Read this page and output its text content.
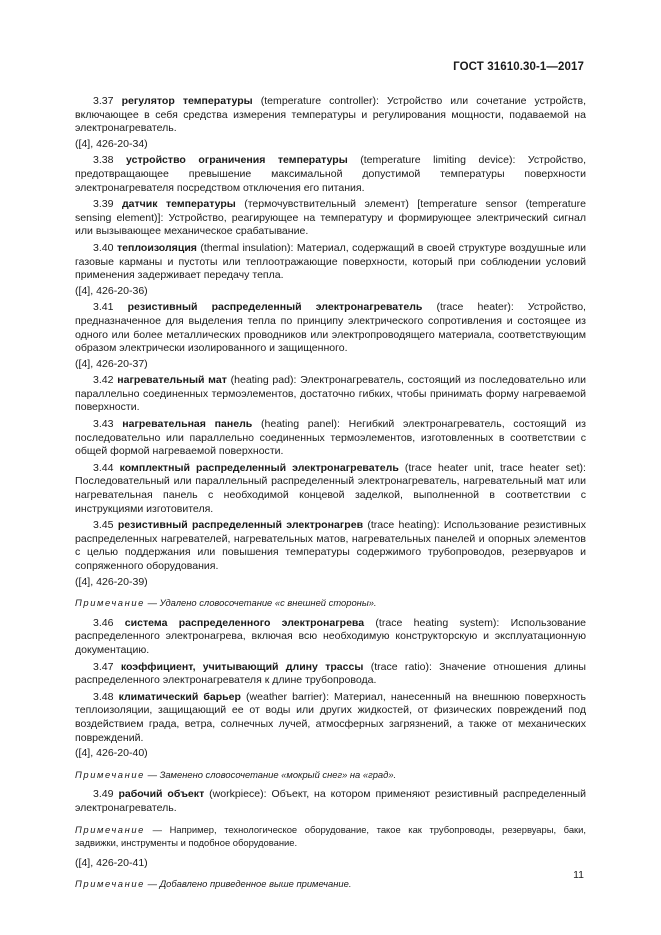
ГОСТ 31610.30-1—2017

3.37 регулятор температуры (temperature controller): Устройство или сочетание устройств, включающее в себя средства измерения температуры и регулирования мощности, подаваемой на электронагреватель.

([4], 426-20-34)

3.38 устройство ограничения температуры (temperature limiting device): Устройство, предотвращающее превышение максимальной допустимой температуры поверхности электронагревателя посредством отключения его питания.

3.39 датчик температуры (термочувствительный элемент) [temperature sensor (temperature sensing element)]: Устройство, реагирующее на температуру и формирующее электрический сигнал или вызывающее механическое срабатывание.

3.40 теплоизоляция (thermal insulation): Материал, содержащий в своей структуре воздушные или газовые карманы и пустоты или теплоотражающие поверхности, который при соблюдении условий применения задерживает передачу тепла.

([4], 426-20-36)

3.41 резистивный распределенный электронагреватель (trace heater): Устройство, предназначенное для выделения тепла по принципу электрического сопротивления и состоящее из одного или более металлических проводников или электропроводящего материала, соответствующим образом электрически изолированного и защищенного.

([4], 426-20-37)

3.42 нагревательный мат (heating pad): Электронагреватель, состоящий из последовательно или параллельно соединенных термоэлементов, достаточно гибких, чтобы принимать форму нагреваемой поверхности.

3.43 нагревательная панель (heating panel): Негибкий электронагреватель, состоящий из последовательно или параллельно соединенных термоэлементов, изготовленных в соответствии с общей формой нагреваемой поверхности.

3.44 комплектный распределенный электронагреватель (trace heater unit, trace heater set): Последовательный или параллельный распределенный электронагреватель, нагревательный мат или нагревательная панель с необходимой концевой заделкой, выполненной в соответствии с инструкциями изготовителя.

3.45 резистивный распределенный электронагрев (trace heating): Использование резистивных распределенных нагревателей, нагревательных матов, нагревательных панелей и опорных элементов с целью поддержания или повышения температуры содержимого трубопроводов, резервуаров и сопряженного оборудования.

([4], 426-20-39)

Примечание — Удалено словосочетание «с внешней стороны».

3.46 система распределенного электронагрева (trace heating system): Использование распределенного электронагрева, включая всю необходимую конструкторскую и эксплуатационную документацию.

3.47 коэффициент, учитывающий длину трассы (trace ratio): Значение отношения длины распределенного электронагревателя к длине трубопровода.

3.48 климатический барьер (weather barrier): Материал, нанесенный на внешнюю поверхность теплоизоляции, защищающий ее от воды или других жидкостей, от физических повреждений под воздействием града, ветра, солнечных лучей, атмосферных загрязнений, а также от механических повреждений.

([4], 426-20-40)

Примечание — Заменено словосочетание «мокрый снег» на «град».

3.49 рабочий объект (workpiece): Объект, на котором применяют резистивный распределенный электронагреватель.

Примечание — Например, технологическое оборудование, такое как трубопроводы, резервуары, баки, задвижки, инструменты и подобное оборудование.

([4], 426-20-41)

Примечание — Добавлено приведенное выше примечание.

11
